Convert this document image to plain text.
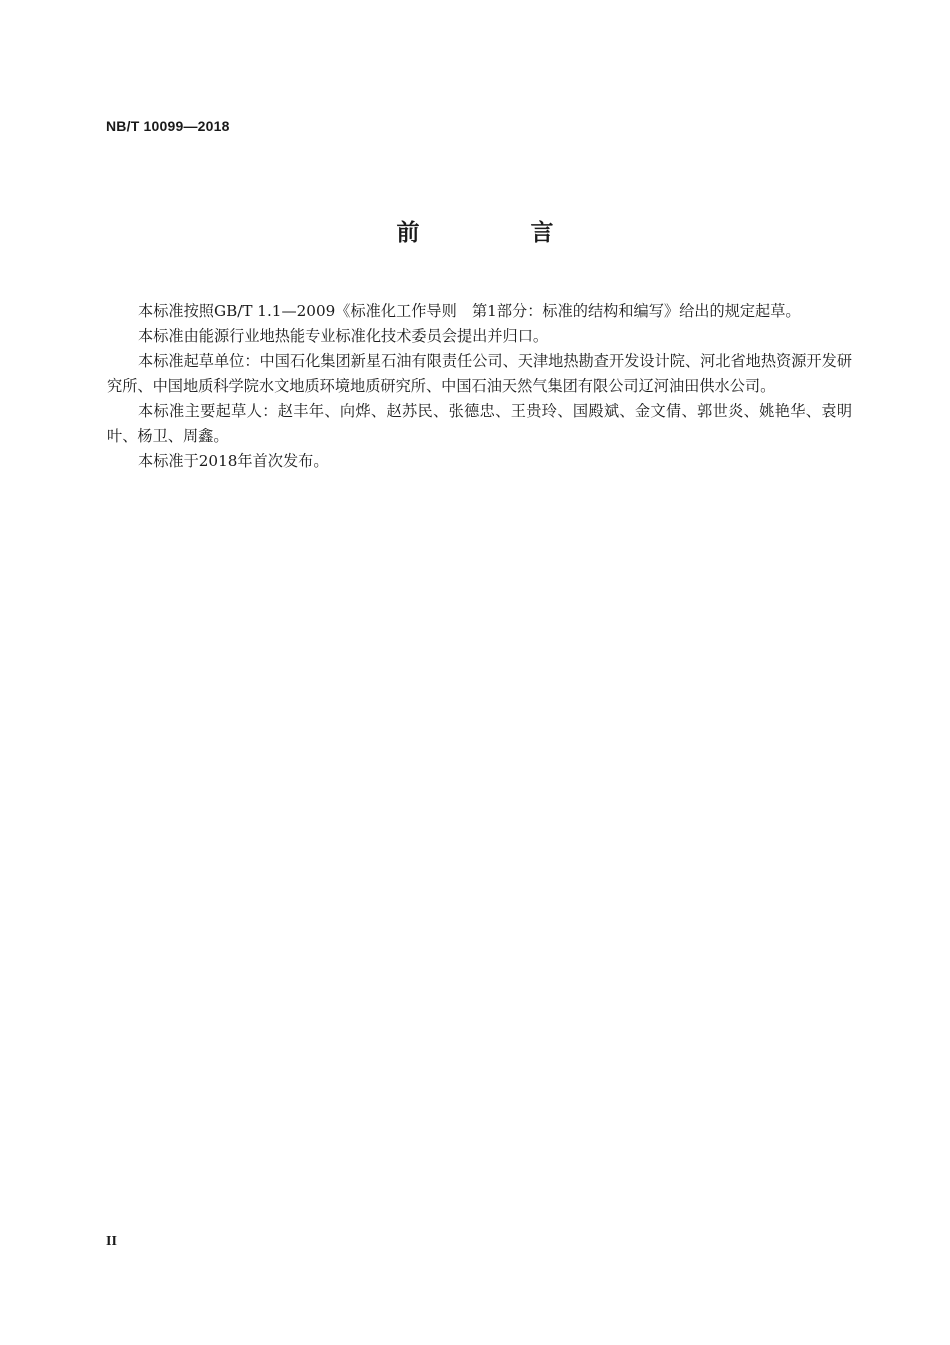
NB/T 10099—2018
前　言

本标准按照GB/T 1.1—2009《标准化工作导则　第1部分：标准的结构和编写》给出的规定起草。

本标准由能源行业地热能专业标准化技术委员会提出并归口。

本标准起草单位：中国石化集团新星石油有限责任公司、天津地热勘查开发设计院、河北省地热资源开发研究所、中国地质科学院水文地质环境地质研究所、中国石油天然气集团有限公司辽河油田供水公司。

本标准主要起草人：赵丰年、向烨、赵苏民、张德忠、王贵玲、国殿斌、金文倩、郭世炎、姚艳华、袁明叶、杨卫、周鑫。

本标准于2018年首次发布。

II
